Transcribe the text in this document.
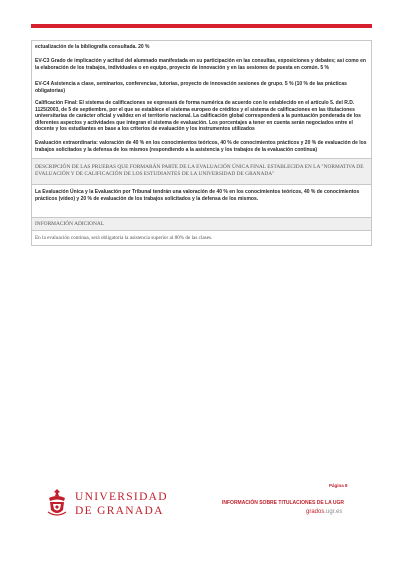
ectualización de la bibliografía consultada. 20 %
EV-C3 Grado de implicación y actitud del alumnado manifestada en su participación en las consultas, exposiciones y debates; así como en la elaboración de los trabajos, individuales o en equipo, proyecto de innovación y en las sesiones de puesta en común. 5 %
EV-C4 Asistencia a clase, seminarios, conferencias, tutorías, proyecto de innovación sesiones de grupo. 5 % (10 % de las prácticas obligatorias)
Calificación Final: El sistema de calificaciones se expresará de forma numérica de acuerdo con lo establecido en el artículo 5. del R.D. 1125/2003, de 5 de septiembre, por el que se establece el sistema europeo de créditos y el sistema de calificaciones en las titulaciones universitarias de carácter oficial y validez en el territorio nacional. La calificación global corresponderá a la puntuación ponderada de los diferentes aspectos y actividades que integran el sistema de evaluación. Los porcentajes a tener en cuenta serán negociados entre el docente y los estudiantes en base a los criterios de evaluación y los instrumentos utilizados
Evaluación extraordinaria: valoración de 40 % en los conocimientos teóricos, 40 % de conocimientos prácticos y 20 % de evaluación de los trabajos solicitados y la defensa de los mismos (respondiendo a la asistencia y los trabajos de la evaluación continua)
DESCRIPCIÓN DE LAS PRUEBAS QUE FORMARÁN PARTE DE LA EVALUACIÓN ÚNICA FINAL ESTABLECIDA EN LA "NORMATIVA DE EVALUACIÓN Y DE CALIFICACIÓN DE LOS ESTUDIANTES DE LA UNIVERSIDAD DE GRANADA"
La Evaluación Única y la Evaluación por Tribunal tendrán una valoración de 40 % en los conocimientos teóricos, 40 % de conocimientos prácticos (vídeo) y 20 % de evaluación de los trabajos solicitados y la defensa de los mismos.
INFORMACIÓN ADICIONAL
En la evaluación continua, será obligatoria la asistencia superior al 80% de las clases.
UNIVERSIDAD
DE GRANADA
Página 8
INFORMACIÓN SOBRE TITULACIONES DE LA UGR
grados.ugr.es
